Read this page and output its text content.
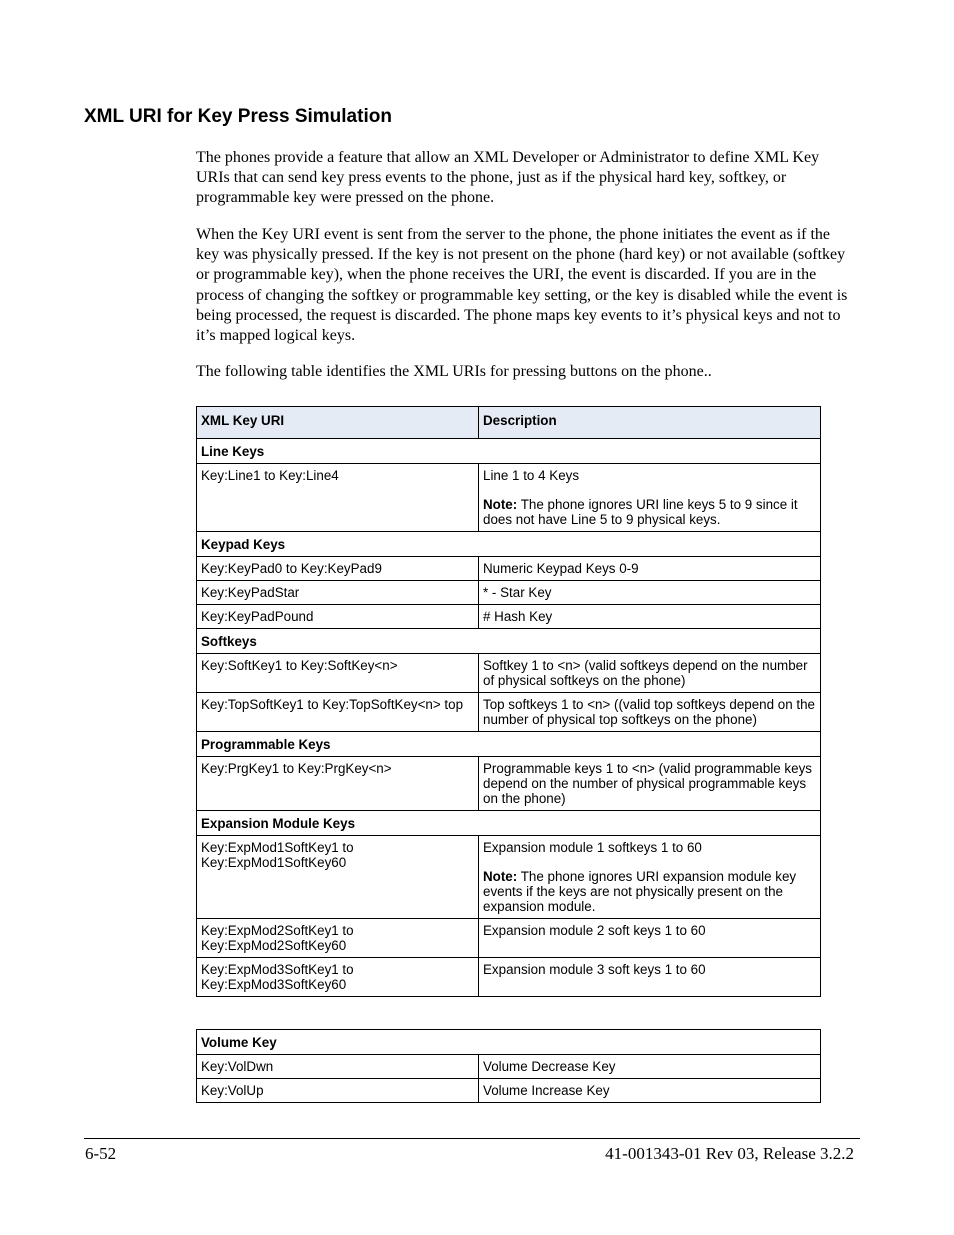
XML URI for Key Press Simulation

The phones provide a feature that allow an XML Developer or Administrator to define XML Key URIs that can send key press events to the phone, just as if the physical hard key, softkey, or programmable key were pressed on the phone.

When the Key URI event is sent from the server to the phone, the phone initiates the event as if the key was physically pressed. If the key is not present on the phone (hard key) or not available (softkey or programmable key), when the phone receives the URI, the event is discarded. If you are in the process of changing the softkey or programmable key setting, or the key is disabled while the event is being processed, the request is discarded. The phone maps key events to it’s physical keys and not to it’s mapped logical keys.

The following table identifies the XML URIs for pressing buttons on the phone..

XML Key URI	Description
Line Keys	
Key:Line1 to Key:Line4	Line 1 to 4 Keys
Note: The phone ignores URI line keys 5 to 9 since it does not have Line 5 to 9 physical keys.
Keypad Keys	
Key:KeyPad0 to Key:KeyPad9	Numeric Keypad Keys 0-9
Key:KeyPadStar	* - Star Key
Key:KeyPadPound	# Hash Key
Softkeys	
Key:SoftKey1 to Key:SoftKey<n>	Softkey 1 to <n> (valid softkeys depend on the number of physical softkeys on the phone)
Key:TopSoftKey1 to Key:TopSoftKey<n> top	Top softkeys 1 to <n> ((valid top softkeys depend on the number of physical top softkeys on the phone)
Programmable Keys	
Key:PrgKey1 to Key:PrgKey<n>	Programmable keys 1 to <n> (valid programmable keys depend on the number of physical programmable keys on the phone)
Expansion Module Keys	
Key:ExpMod1SoftKey1 to Key:ExpMod1SoftKey60	Expansion module 1 softkeys 1 to 60
Note: The phone ignores URI expansion module key events if the keys are not physically present on the expansion module.
Key:ExpMod2SoftKey1 to Key:ExpMod2SoftKey60	Expansion module 2 soft keys 1 to 60
Key:ExpMod3SoftKey1 to Key:ExpMod3SoftKey60	Expansion module 3 soft keys 1 to 60
Volume Key	
Key:VolDwn	Volume Decrease Key
Key:VolUp	Volume Increase Key
6-52	41-001343-01 Rev 03, Release 3.2.2
